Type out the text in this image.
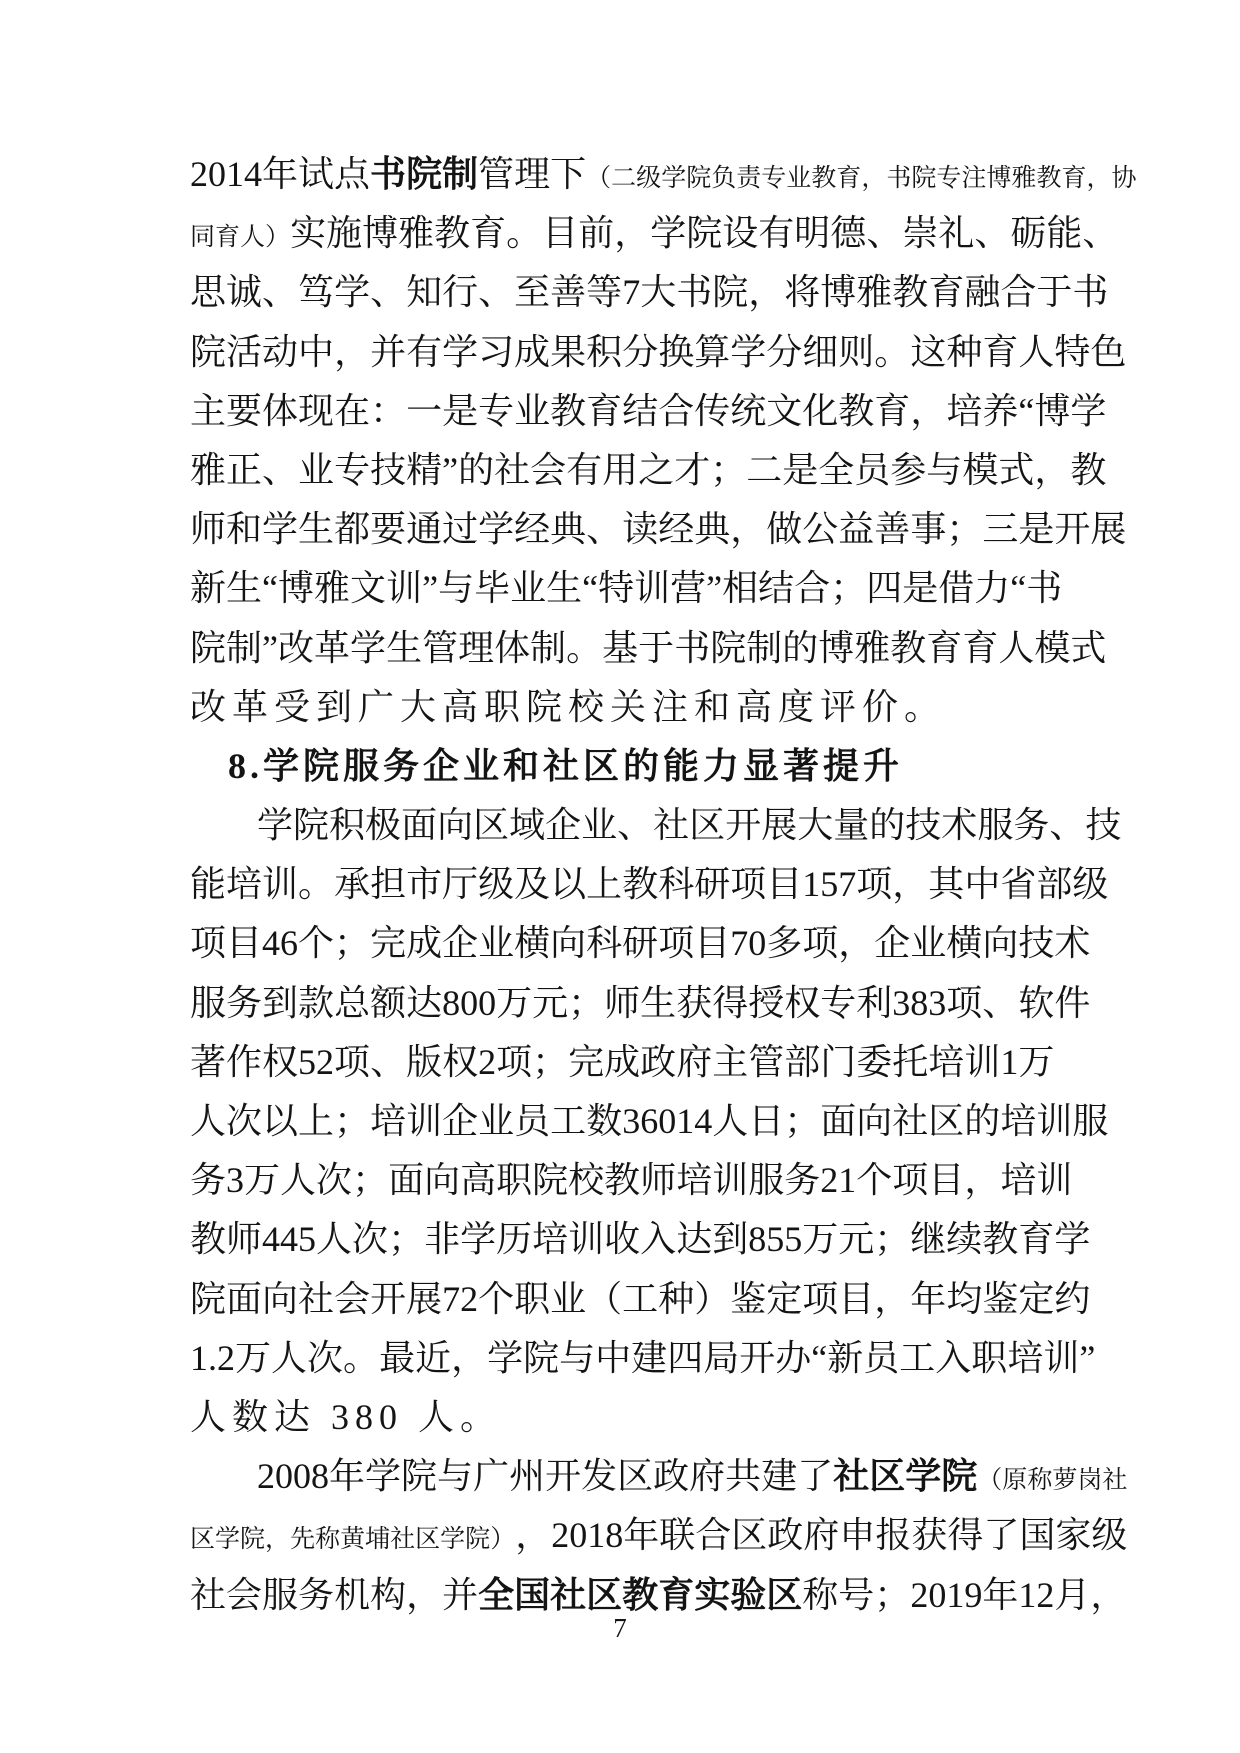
2014 年 试 点 书 院 制 管 理 下 （ 二 级 学 院 负 责 专 业 教 育 ， 书 院 专 注 博 雅 教 育 ， 协
同 育 人 ） 实 施 博 雅 教 育 。 目 前 ， 学 院 设 有 明 德 、 崇 礼 、 砺 能 、
思 诚 、 笃 学 、 知 行 、 至 善 等 7 大 书 院 ， 将 博 雅 教 育 融 合 于 书
院 活 动 中 ， 并 有 学 习 成 果 积 分 换 算 学 分 细 则 。 这 种 育 人 特 色
主 要 体 现 在 ： 一 是 专 业 教 育 结 合 传 统 文 化 教 育 ， 培 养 “ 博 学
雅 正 、 业 专 技 精 ” 的 社 会 有 用 之 才 ； 二 是 全 员 参 与 模 式 ， 教
师 和 学 生 都 要 通 过 学 经 典 、 读 经 典 ， 做 公 益 善 事 ； 三 是 开 展
新 生 “ 博 雅 文 训 ” 与 毕 业 生 “ 特 训 营 ” 相 结 合 ； 四 是 借 力 “ 书
院 制 ” 改 革 学 生 管 理 体 制 。 基 于 书 院 制 的 博 雅 教 育 育 人 模 式
改革受到广大高职院校关注和高度评价。
8.学院服务企业和社区的能力显著提升
学 院 积 极 面 向 区 域 企 业 、 社 区 开 展 大 量 的 技 术 服 务 、 技
能 培 训 。 承 担 市 厅 级 及 以 上 教 科 研 项 目 157 项 ， 其 中 省 部 级
项 目 46 个 ； 完 成 企 业 横 向 科 研 项 目 70 多 项 ， 企 业 横 向 技 术
服 务 到 款 总 额 达 800 万 元 ； 师 生 获 得 授 权 专 利 383 项 、 软 件
著 作 权 52 项 、 版 权 2 项 ； 完 成 政 府 主 管 部 门 委 托 培 训 1 万
人 次 以 上 ； 培 训 企 业 员 工 数 36014 人 日 ； 面 向 社 区 的 培 训 服
务 3 万 人 次 ； 面 向 高 职 院 校 教 师 培 训 服 务 21 个 项 目 ， 培 训
教 师 445 人 次 ； 非 学 历 培 训 收 入 达 到 855 万 元 ； 继 续 教 育 学
院 面 向 社 会 开 展 72 个 职 业 （ 工 种 ） 鉴 定 项 目 ， 年 均 鉴 定 约
1.2 万 人 次 。 最 近 ， 学 院 与 中 建 四 局 开 办 “ 新 员 工 入 职 培 训 ”
人数达 380 人。
2008 年 学 院 与 广 州 开 发 区 政 府 共 建 了 社 区 学 院 （ 原 称 萝 岗 社
区 学 院 ， 先 称 黄 埔 社 区 学 院 ） ， 2018 年 联 合 区 政 府 申 报 获 得 了 国 家 级
社 会 服 务 机 构 ， 并 全 国 社 区 教 育 实 验 区 称 号 ； 2019 年 12 月 ，
7
